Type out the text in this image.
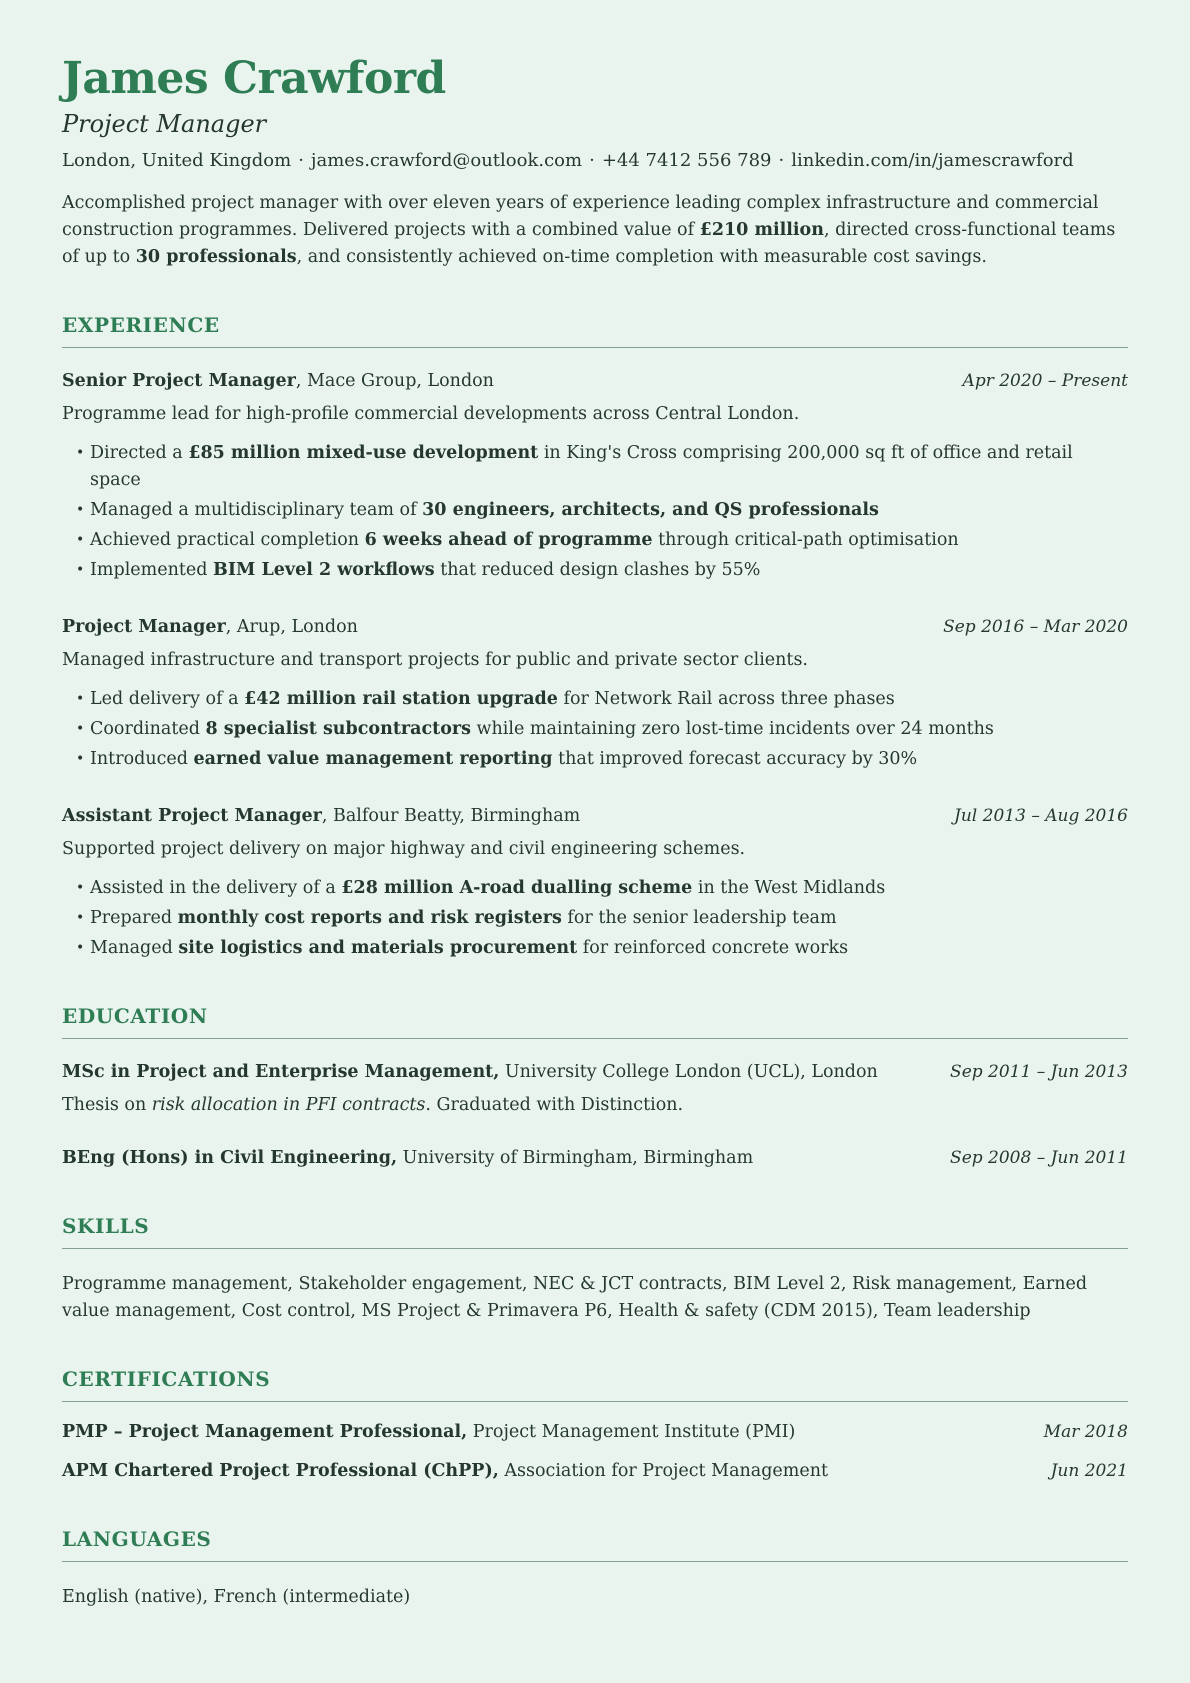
James Crawford
Project Manager
London, United Kingdom · james.crawford@outlook.com · +44 7412 556 789 · linkedin.com/in/jamescrawford

Accomplished project manager with over eleven years of experience leading complex infrastructure and commercial construction programmes. Delivered projects with a combined value of £210 million, directed cross-functional teams of up to 30 professionals, and consistently achieved on-time completion with measurable cost savings.

EXPERIENCE
Senior Project Manager, Mace Group, London	Apr 2020 – Present

Programme lead for high-profile commercial developments across Central London.

• Directed a £85 million mixed-use development in King's Cross comprising 200,000 sq ft of office and retail space
• Managed a multidisciplinary team of 30 engineers, architects, and QS professionals
• Achieved practical completion 6 weeks ahead of programme through critical-path optimisation
• Implemented BIM Level 2 workflows that reduced design clashes by 55%
Project Manager, Arup, London	Sep 2016 – Mar 2020

Managed infrastructure and transport projects for public and private sector clients.

• Led delivery of a £42 million rail station upgrade for Network Rail across three phases
• Coordinated 8 specialist subcontractors while maintaining zero lost-time incidents over 24 months
• Introduced earned value management reporting that improved forecast accuracy by 30%
Assistant Project Manager, Balfour Beatty, Birmingham	Jul 2013 – Aug 2016

Supported project delivery on major highway and civil engineering schemes.

• Assisted in the delivery of a £28 million A-road dualling scheme in the West Midlands
• Prepared monthly cost reports and risk registers for the senior leadership team
• Managed site logistics and materials procurement for reinforced concrete works
EDUCATION
MSc in Project and Enterprise Management, University College London (UCL), London	Sep 2011 – Jun 2013

Thesis on risk allocation in PFI contracts. Graduated with Distinction.

BEng (Hons) in Civil Engineering, University of Birmingham, Birmingham	Sep 2008 – Jun 2011
SKILLS

Programme management, Stakeholder engagement, NEC & JCT contracts, BIM Level 2, Risk management, Earned value management, Cost control, MS Project & Primavera P6, Health & safety (CDM 2015), Team leadership

CERTIFICATIONS
PMP – Project Management Professional, Project Management Institute (PMI)	Mar 2018
APM Chartered Project Professional (ChPP), Association for Project Management	Jun 2021
LANGUAGES

English (native), French (intermediate)
